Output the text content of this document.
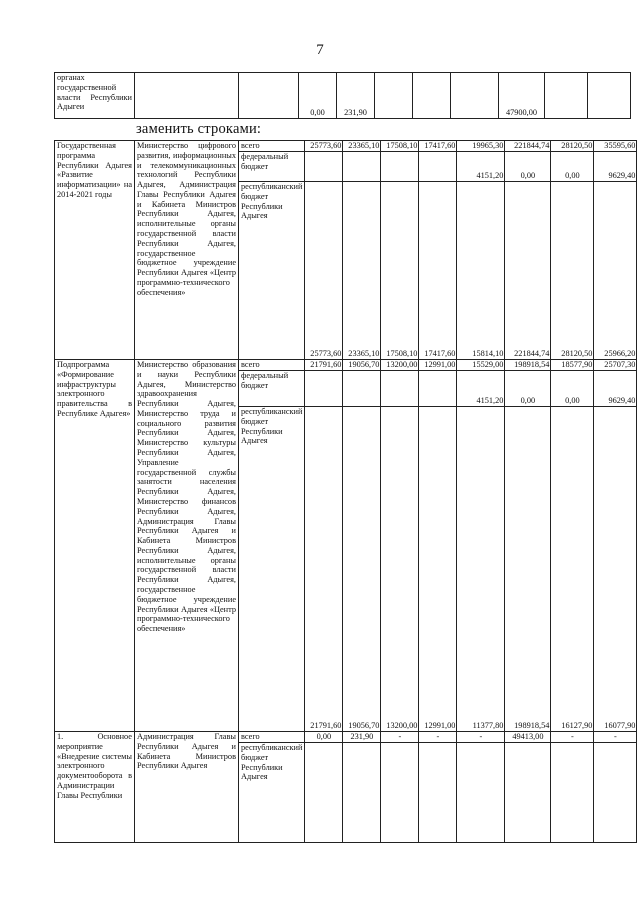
7
органах государственной власти Республики Адыгеи			0,00	231,90				47900,00		
заменить строками:
Государственная программа Республики Адыгея «Развитие информатизации» на 2014-2021 годы	Министерство цифрового развития, информационных и телекоммуникационных технологий Республики Адыгея, Администрация Главы Республики Адыгея и Кабинета Министров Республики Адыгея, исполнительные органы государственной власти Республики Адыгея, государственное бюджетное учреждение Республики Адыгея «Центр программно-технического обеспечения»	всего	25773,60	23365,10	17508,10	17417,60	19965,30	221844,74	28120,50	35595,60
		федеральный бюджет					4151,20	0,00	0,00	9629,40
		республиканский бюджет Республики Адыгея	25773,60	23365,10	17508,10	17417,60	15814,10	221844,74	28120,50	25966,20
Подпрограмма «Формирование инфраструктуры электронного правительства в Республике Адыгея»	Министерство образования и науки Республики Адыгея, Министерство здравоохранения Республики Адыгея, Министерство труда и социального развития Республики Адыгея, Министерство культуры Республики Адыгея, Управление государственной службы занятости населения Республики Адыгея, Министерство финансов Республики Адыгея, Администрация Главы Республики Адыгея и Кабинета Министров Республики Адыгея, исполнительные органы государственной власти Республики Адыгея, государственное бюджетное учреждение Республики Адыгея «Центр программно-технического обеспечения»	всего	21791,60	19056,70	13200,00	12991,00	15529,00	198918,54	18577,90	25707,30
		федеральный бюджет					4151,20	0,00	0,00	9629,40
		республиканский бюджет Республики Адыгея	21791,60	19056,70	13200,00	12991,00	11377,80	198918,54	16127,90	16077,90
1. Основное мероприятие «Внедрение системы электронного документооборота в Администрации Главы Республики	Администрация Главы Республики Адыгея и Кабинета Министров Республики Адыгея	всего	0,00	231,90	-	-	-	49413,00	-	-
		республиканский бюджет Республики Адыгея								
